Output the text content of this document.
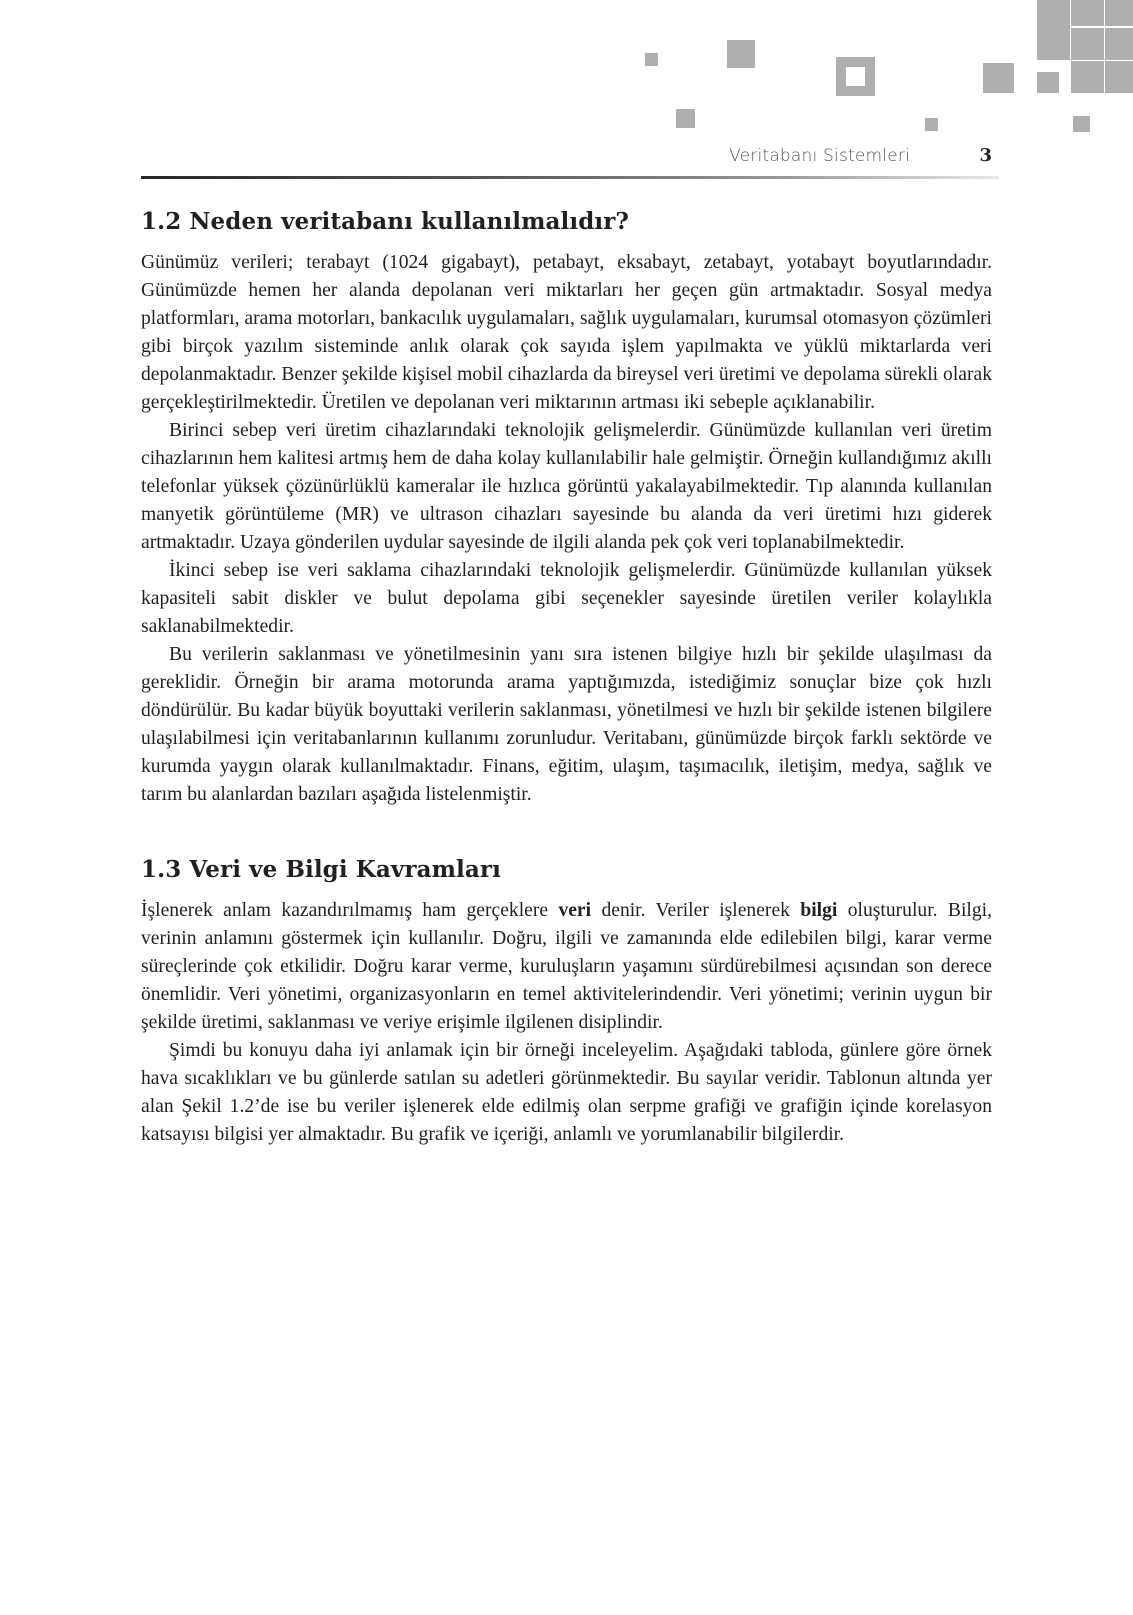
Veritabanı Sistemleri	3
1.2 Neden veritabanı kullanılmalıdır?

Günümüz verileri; terabayt (1024 gigabayt), petabayt, eksabayt, zetabayt, yotabayt boyutlarındadır. Günümüzde hemen her alanda depolanan veri miktarları her geçen gün artmaktadır. Sosyal medya platformları, arama motorları, bankacılık uygulamaları, sağlık uygulamaları, kurumsal otomasyon çözümleri gibi birçok yazılım sisteminde anlık olarak çok sayıda işlem yapılmakta ve yüklü miktarlarda veri depolanmaktadır. Benzer şekilde kişisel mobil cihazlarda da bireysel veri üretimi ve depolama sürekli olarak gerçekleştirilmektedir. Üretilen ve depolanan veri miktarının artması iki sebeple açıklanabilir.

Birinci sebep veri üretim cihazlarındaki teknolojik gelişmelerdir. Günümüzde kullanılan veri üretim cihazlarının hem kalitesi artmış hem de daha kolay kullanılabilir hale gelmiştir. Örneğin kullandığımız akıllı telefonlar yüksek çözünürlüklü kameralar ile hızlıca görüntü yakalayabilmektedir. Tıp alanında kullanılan manyetik görüntüleme (MR) ve ultrason cihazları sayesinde bu alanda da veri üretimi hızı giderek artmaktadır. Uzaya gönderilen uydular sayesinde de ilgili alanda pek çok veri toplanabilmektedir.

İkinci sebep ise veri saklama cihazlarındaki teknolojik gelişmelerdir. Günümüzde kullanılan yüksek kapasiteli sabit diskler ve bulut depolama gibi seçenekler sayesinde üretilen veriler kolaylıkla saklanabilmektedir.

Bu verilerin saklanması ve yönetilmesinin yanı sıra istenen bilgiye hızlı bir şekilde ulaşılması da gereklidir. Örneğin bir arama motorunda arama yaptığımızda, istediğimiz sonuçlar bize çok hızlı döndürülür. Bu kadar büyük boyuttaki verilerin saklanması, yönetilmesi ve hızlı bir şekilde istenen bilgilere ulaşılabilmesi için veritabanlarının kullanımı zorunludur. Veritabanı, günümüzde birçok farklı sektörde ve kurumda yaygın olarak kullanılmaktadır. Finans, eğitim, ulaşım, taşımacılık, iletişim, medya, sağlık ve tarım bu alanlardan bazıları aşağıda listelenmiştir.

1.3 Veri ve Bilgi Kavramları

İşlenerek anlam kazandırılmamış ham gerçeklere veri denir. Veriler işlenerek bilgi oluşturulur. Bilgi, verinin anlamını göstermek için kullanılır. Doğru, ilgili ve zamanında elde edilebilen bilgi, karar verme süreçlerinde çok etkilidir. Doğru karar verme, kuruluşların yaşamını sürdürebilmesi açısından son derece önemlidir. Veri yönetimi, organizasyonların en temel aktivitelerindendir. Veri yönetimi; verinin uygun bir şekilde üretimi, saklanması ve veriye erişimle ilgilenen disiplindir.

Şimdi bu konuyu daha iyi anlamak için bir örneği inceleyelim. Aşağıdaki tabloda, günlere göre örnek hava sıcaklıkları ve bu günlerde satılan su adetleri görünmektedir. Bu sayılar veridir. Tablonun altında yer alan Şekil 1.2’de ise bu veriler işlenerek elde edilmiş olan serpme grafiği ve grafiğin içinde korelasyon katsayısı bilgisi yer almaktadır. Bu grafik ve içeriği, anlamlı ve yorumlanabilir bilgilerdir.
